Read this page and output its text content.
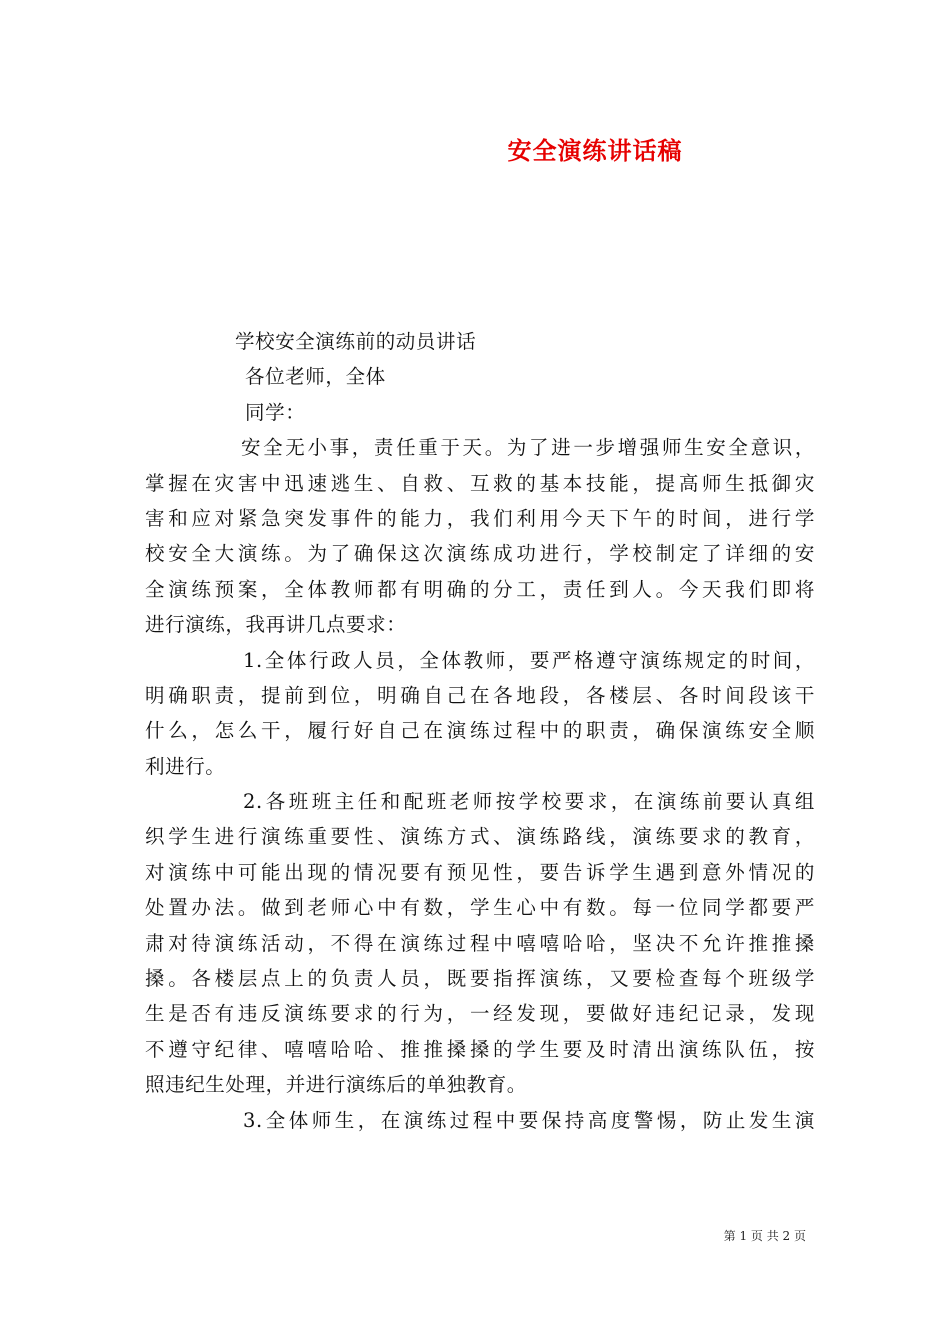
安全演练讲话稿

学校安全演练前的动员讲话

各位老师，全体

同学：

安全无小事，责任重于天。为了进一步增强师生安全意识，

掌握在灾害中迅速逃生、自救、互救的基本技能，提高师生抵御灾

害和应对紧急突发事件的能力，我们利用今天下午的时间，进行学

校安全大演练。为了确保这次演练成功进行，学校制定了详细的安

全演练预案，全体教师都有明确的分工，责任到人。今天我们即将

进行演练，我再讲几点要求：

1.全体行政人员，全体教师，要严格遵守演练规定的时间，

明确职责，提前到位，明确自己在各地段，各楼层、各时间段该干

什么，怎么干，履行好自己在演练过程中的职责，确保演练安全顺

利进行。

2.各班班主任和配班老师按学校要求，在演练前要认真组

织学生进行演练重要性、演练方式、演练路线，演练要求的教育，

对演练中可能出现的情况要有预见性，要告诉学生遇到意外情况的

处置办法。做到老师心中有数，学生心中有数。每一位同学都要严

肃对待演练活动，不得在演练过程中嘻嘻哈哈，坚决不允许推推搡

搡。各楼层点上的负责人员，既要指挥演练，又要检查每个班级学

生是否有违反演练要求的行为，一经发现，要做好违纪记录，发现

不遵守纪律、嘻嘻哈哈、推推搡搡的学生要及时清出演练队伍，按

照违纪生处理，并进行演练后的单独教育。

3.全体师生，在演练过程中要保持高度警惕，防止发生演

第 1 页 共 2 页
